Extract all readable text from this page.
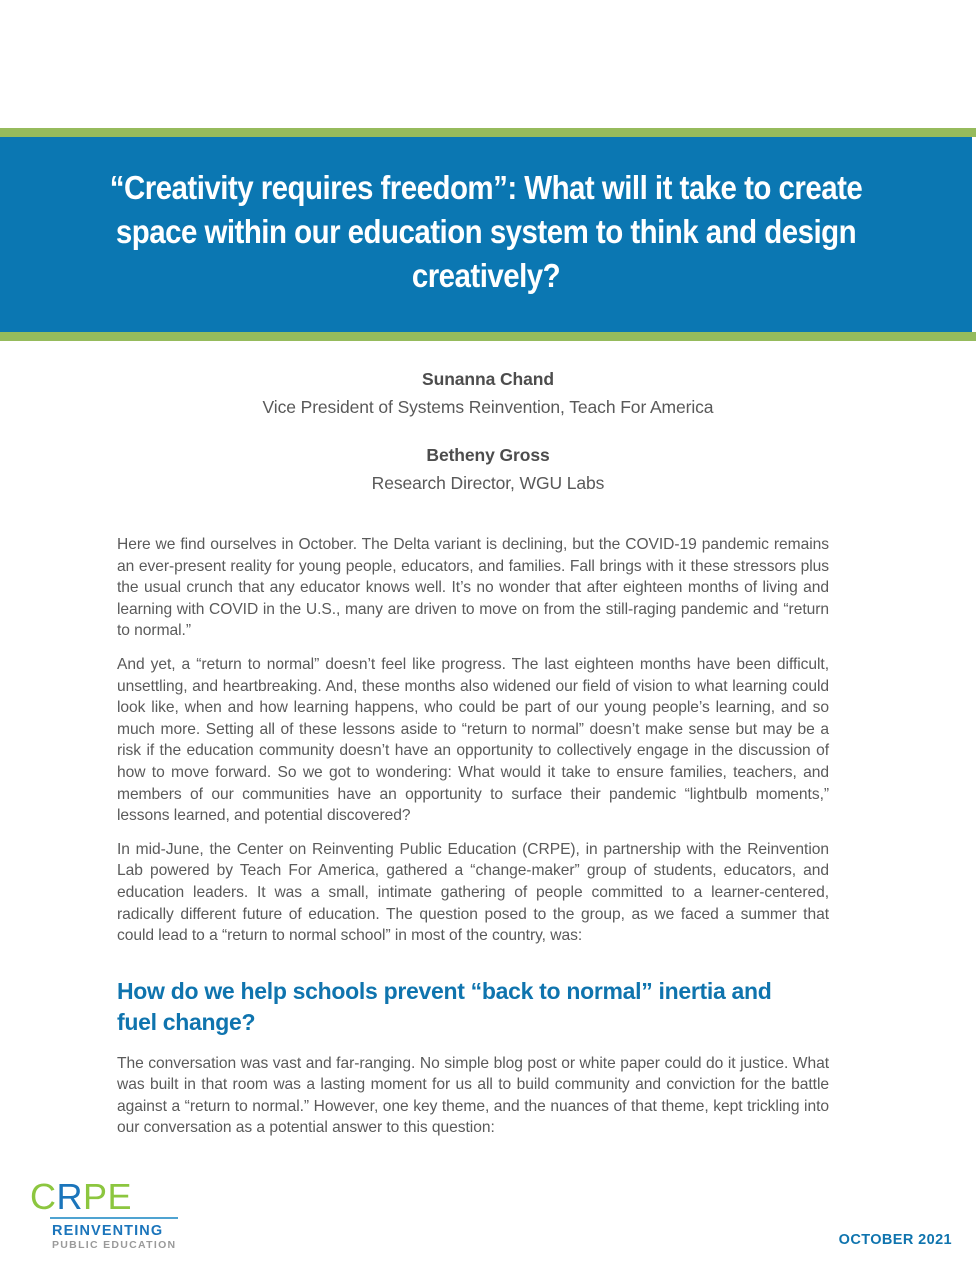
“Creativity requires freedom”: What will it take to create space within our education system to think and design creatively?
Sunanna Chand
Vice President of Systems Reinvention, Teach For America
Betheny Gross
Research Director, WGU Labs

Here we find ourselves in October. The Delta variant is declining, but the COVID-19 pandemic remains an ever-present reality for young people, educators, and families. Fall brings with it these stressors plus the usual crunch that any educator knows well. It’s no wonder that after eighteen months of living and learning with COVID in the U.S., many are driven to move on from the still-raging pandemic and “return to normal.”

And yet, a “return to normal” doesn’t feel like progress. The last eighteen months have been difficult, unsettling, and heartbreaking. And, these months also widened our field of vision to what learning could look like, when and how learning happens, who could be part of our young people’s learning, and so much more. Setting all of these lessons aside to “return to normal” doesn’t make sense but may be a risk if the education community doesn’t have an opportunity to collectively engage in the discussion of how to move forward. So we got to wondering: What would it take to ensure families, teachers, and members of our communities have an opportunity to surface their pandemic “lightbulb moments,” lessons learned, and potential discovered?

In mid-June, the Center on Reinventing Public Education (CRPE), in partnership with the Reinvention Lab powered by Teach For America, gathered a “change-maker” group of students, educators, and education leaders. It was a small, intimate gathering of people committed to a learner-centered, radically different future of education. The question posed to the group, as we faced a summer that could lead to a “return to normal school” in most of the country, was:

How do we help schools prevent “back to normal” inertia and fuel change?

The conversation was vast and far-ranging. No simple blog post or white paper could do it justice. What was built in that room was a lasting moment for us all to build community and conviction for the battle against a “return to normal.” However, one key theme, and the nuances of that theme, kept trickling into our conversation as a potential answer to this question:

CRPE
REINVENTING
PUBLIC EDUCATION	OCTOBER 2021
